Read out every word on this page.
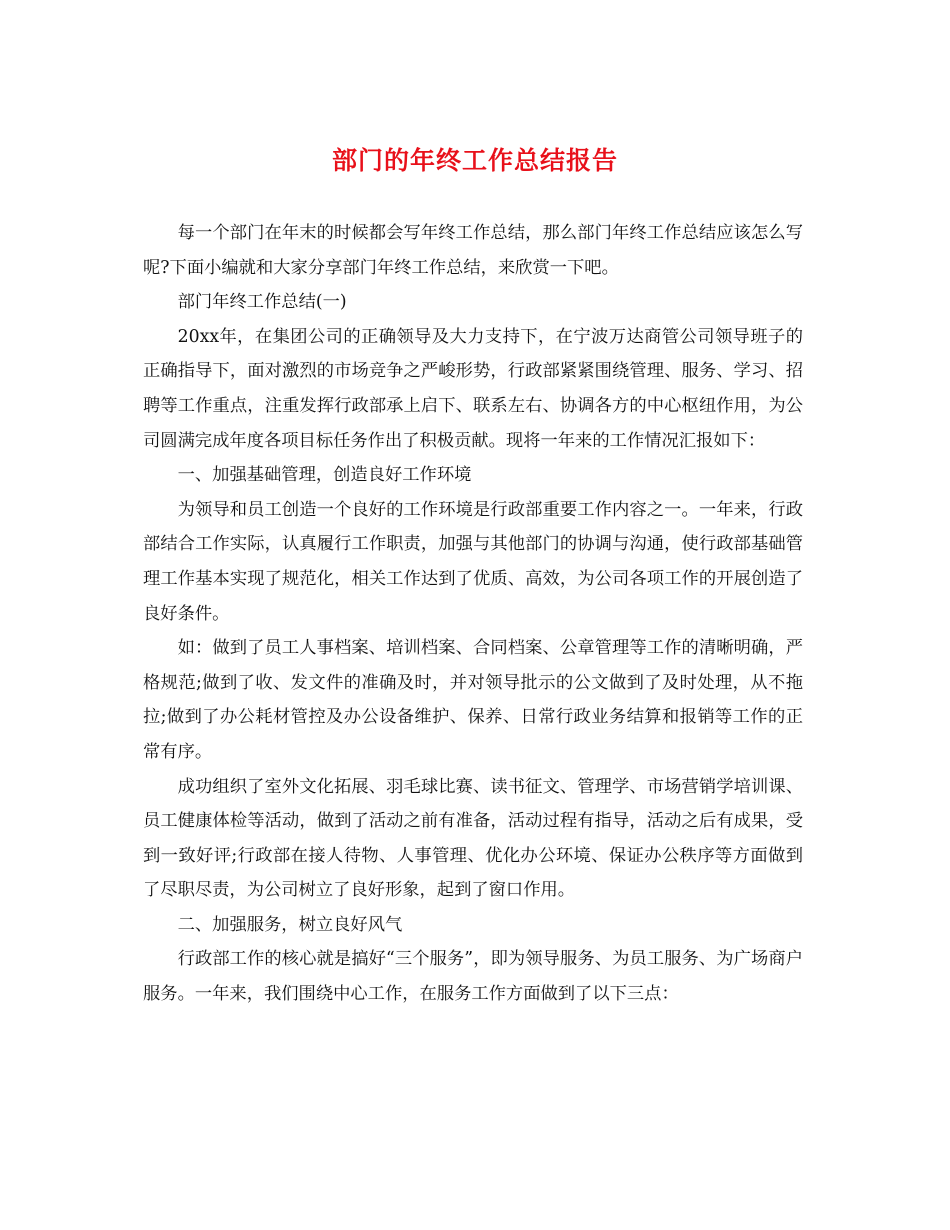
部门的年终工作总结报告

每一个部门在年末的时候都会写年终工作总结，那么部门年终工作总结应该怎么写呢?下面小编就和大家分享部门年终工作总结，来欣赏一下吧。

部门年终工作总结(一)

20xx年，在集团公司的正确领导及大力支持下，在宁波万达商管公司领导班子的正确指导下，面对激烈的市场竞争之严峻形势，行政部紧紧围绕管理、服务、学习、招聘等工作重点，注重发挥行政部承上启下、联系左右、协调各方的中心枢纽作用，为公司圆满完成年度各项目标任务作出了积极贡献。现将一年来的工作情况汇报如下：

一、加强基础管理，创造良好工作环境

为领导和员工创造一个良好的工作环境是行政部重要工作内容之一。一年来，行政部结合工作实际，认真履行工作职责，加强与其他部门的协调与沟通，使行政部基础管理工作基本实现了规范化，相关工作达到了优质、高效，为公司各项工作的开展创造了良好条件。

如：做到了员工人事档案、培训档案、合同档案、公章管理等工作的清晰明确，严格规范;做到了收、发文件的准确及时，并对领导批示的公文做到了及时处理，从不拖拉;做到了办公耗材管控及办公设备维护、保养、日常行政业务结算和报销等工作的正常有序。

成功组织了室外文化拓展、羽毛球比赛、读书征文、管理学、市场营销学培训课、员工健康体检等活动，做到了活动之前有准备，活动过程有指导，活动之后有成果，受到一致好评;行政部在接人待物、人事管理、优化办公环境、保证办公秩序等方面做到了尽职尽责，为公司树立了良好形象，起到了窗口作用。

二、加强服务，树立良好风气

行政部工作的核心就是搞好“三个服务”，即为领导服务、为员工服务、为广场商户服务。一年来，我们围绕中心工作，在服务工作方面做到了以下三点：
